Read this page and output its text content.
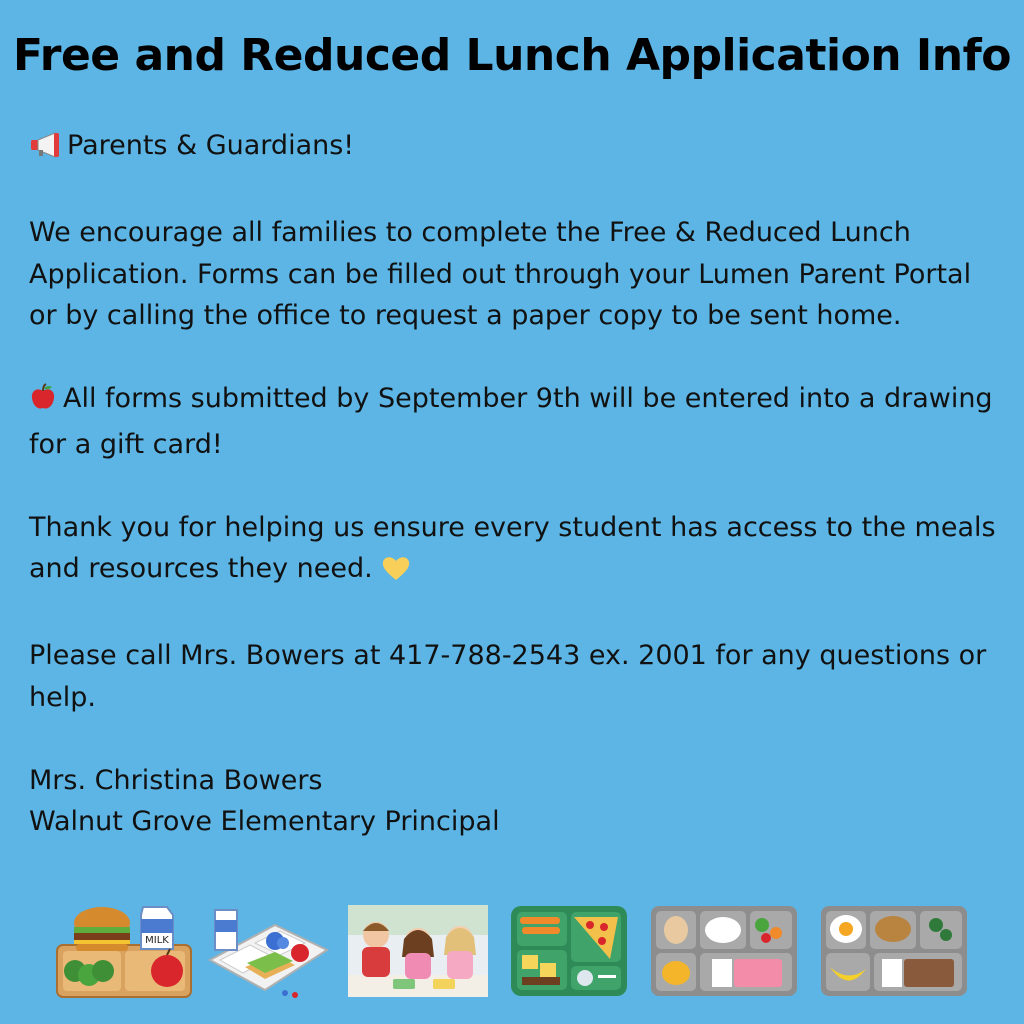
Free and Reduced Lunch Application Info

Parents & Guardians!

We encourage all families to complete the Free & Reduced Lunch Application. Forms can be filled out through your Lumen Parent Portal or by calling the office to request a paper copy to be sent home.

All forms submitted by September 9th will be entered into a drawing for a gift card!

Thank you for helping us ensure every student has access to the meals and resources they need.

Please call Mrs. Bowers at 417-788-2543 ex. 2001 for any questions or help.

Mrs. Christina Bowers

Walnut Grove Elementary Principal

MILK
